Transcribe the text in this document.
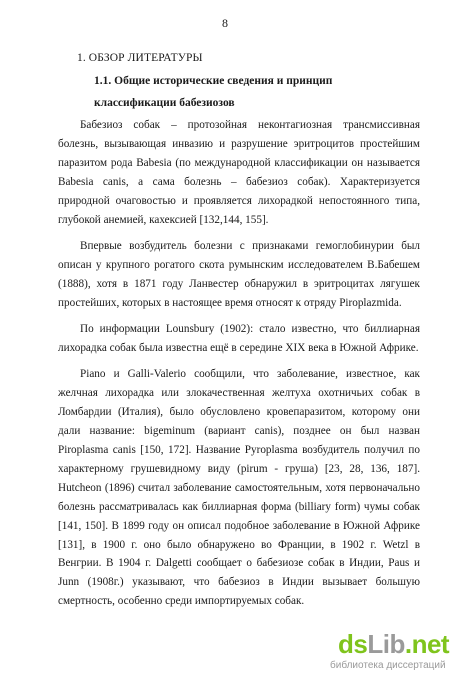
8
1. ОБЗОР ЛИТЕРАТУРЫ
1.1. Общие исторические сведения и принцип классификации бабезиозов

Бабезиоз собак – протозойная неконтагиозная трансмиссивная болезнь, вызывающая инвазию и разрушение эритроцитов простейшим паразитом рода Babesia (по международной классификации он называется Babesia canis, а сама болезнь – бабезиоз собак). Характеризуется природной очаговостью и проявляется лихорадкой непостоянного типа, глубокой анемией, кахексией [132,144, 155].

Впервые возбудитель болезни с признаками гемоглобинурии был описан у крупного рогатого скота румынским исследователем В.Бабешем (1888), хотя в 1871 году Ланвестер обнаружил в эритроцитах лягушек простейших, которых в настоящее время относят к отряду Piroplazmida.

По информации Lounsbury (1902): стало известно, что биллиарная лихорадка собак была известна ещё в середине XIX века в Южной Африке.

Piano и Galli-Valerio сообщили, что заболевание, известное, как желчная лихорадка или злокачественная желтуха охотничьих собак в Ломбардии (Италия), было обусловлено кровепаразитом, которому они дали название: bigeminum (вариант canis), позднее он был назван Piroplasma canis [150, 172]. Название Pyroplasma возбудитель получил по характерному грушевидному виду (pirum - груша) [23, 28, 136, 187]. Hutcheon (1896) считал заболевание самостоятельным, хотя первоначально болезнь рассматривалась как биллиарная форма (billiary form) чумы собак [141, 150]. В 1899 году он описал подобное заболевание в Южной Африке [131], в 1900 г. оно было обнаружено во Франции, в 1902 г. Wetzl в Венгрии. В 1904 г. Dalgetti сообщает о бабезиозе собак в Индии, Paus и Junn (1908г.) указывают, что бабезиоз в Индии вызывает большую смертность, особенно среди импортируемых собак.

dsLib.net
библиотека диссертаций
